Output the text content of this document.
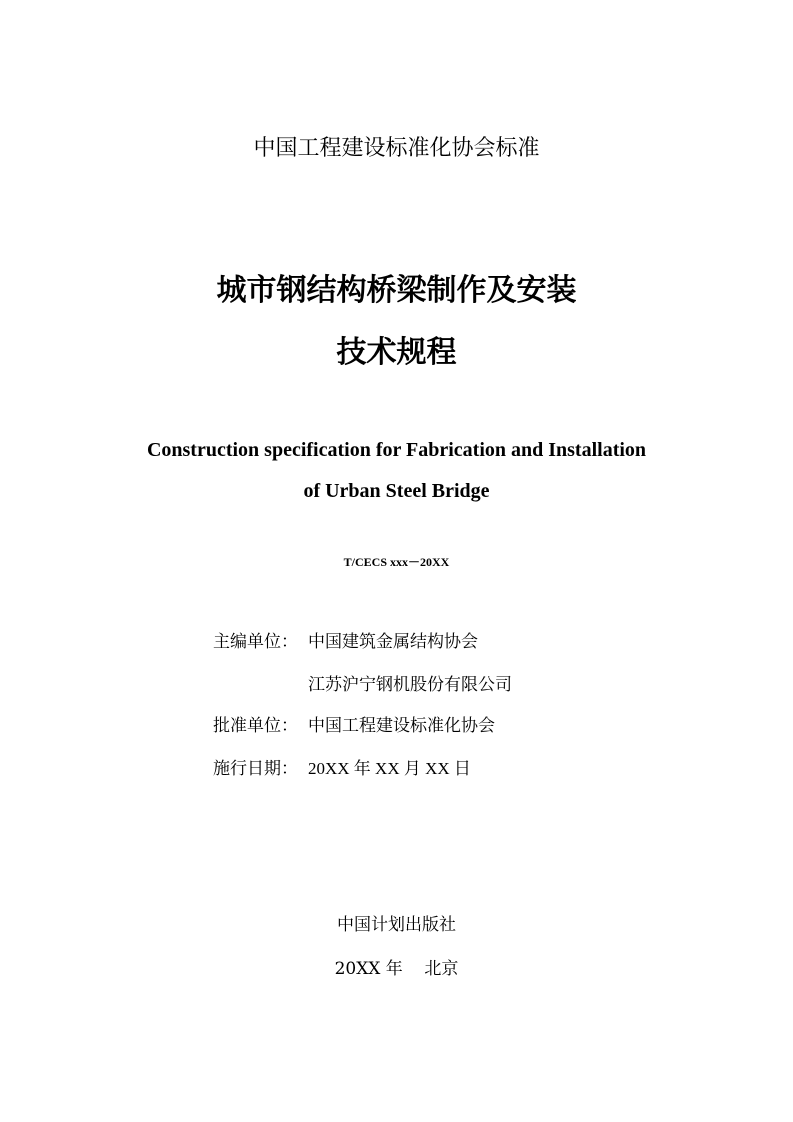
中国工程建设标准化协会标准
城市钢结构桥梁制作及安装
技术规程
Construction specification for Fabrication and Installation
of Urban Steel Bridge
T/CECS xxx－20XX
主编单位： 中国建筑金属结构协会
江苏沪宁钢机股份有限公司
批准单位： 中国工程建设标准化协会
施行日期： 20XX 年 XX 月 XX 日
中国计划出版社
20XX 年    北京
